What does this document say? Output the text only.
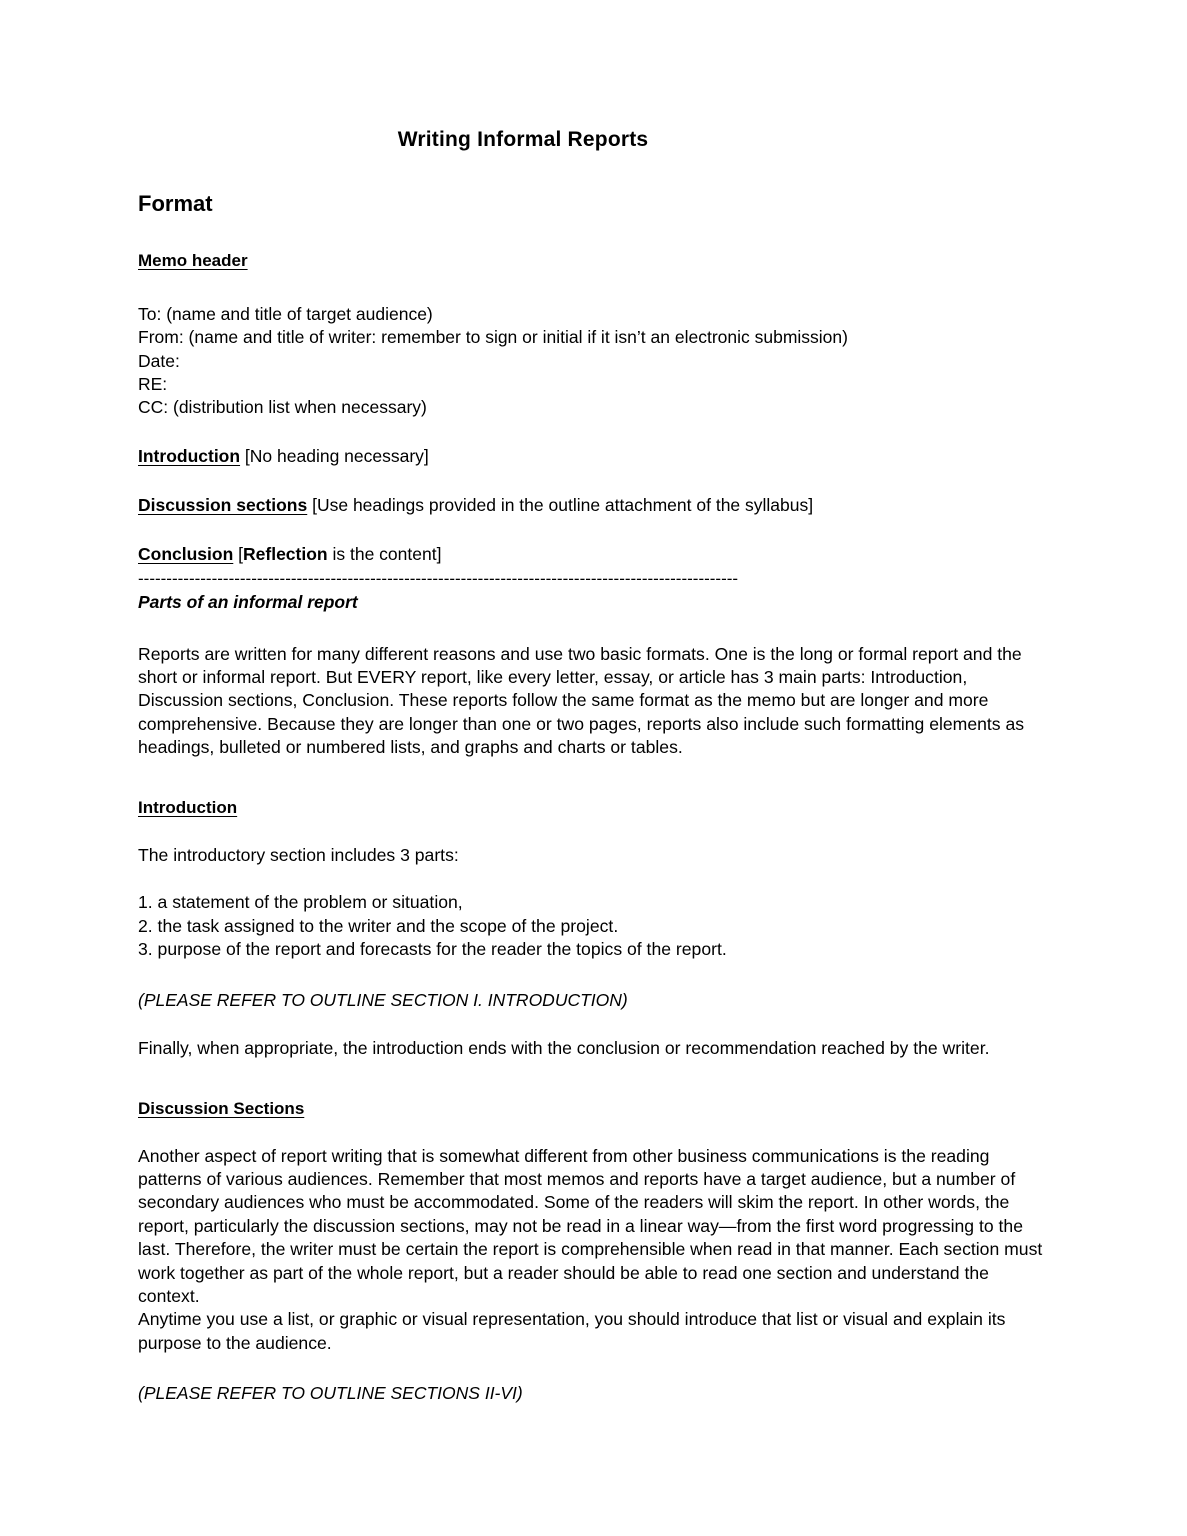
Writing Informal Reports
Format
Memo header
To: (name and title of target audience)
From: (name and title of writer: remember to sign or initial if it isn’t an electronic submission)
Date:
RE:
CC: (distribution list when necessary)
Introduction [No heading necessary]
Discussion sections [Use headings provided in the outline attachment of the syllabus]
Conclusion [Reflection is the content]
----------------------------------------------------------------------------------------------------------
Parts of an informal report

Reports are written for many different reasons and use two basic formats. One is the long or formal report and the short or informal report. But EVERY report, like every letter, essay, or article has 3 main parts: Introduction, Discussion sections, Conclusion. These reports follow the same format as the memo but are longer and more comprehensive. Because they are longer than one or two pages, reports also include such formatting elements as headings, bulleted or numbered lists, and graphs and charts or tables.

Introduction

The introductory section includes 3 parts:

1. a statement of the problem or situation,
2. the task assigned to the writer and the scope of the project.
3. purpose of the report and forecasts for the reader the topics of the report.
(PLEASE REFER TO OUTLINE SECTION I. INTRODUCTION)

Finally, when appropriate, the introduction ends with the conclusion or recommendation reached by the writer.

Discussion Sections

Another aspect of report writing that is somewhat different from other business communications is the reading patterns of various audiences. Remember that most memos and reports have a target audience, but a number of secondary audiences who must be accommodated. Some of the readers will skim the report. In other words, the report, particularly the discussion sections, may not be read in a linear way—from the first word progressing to the last. Therefore, the writer must be certain the report is comprehensible when read in that manner. Each section must work together as part of the whole report, but a reader should be able to read one section and understand the context.

Anytime you use a list, or graphic or visual representation, you should introduce that list or visual and explain its purpose to the audience.

(PLEASE REFER TO OUTLINE SECTIONS II-VI)
